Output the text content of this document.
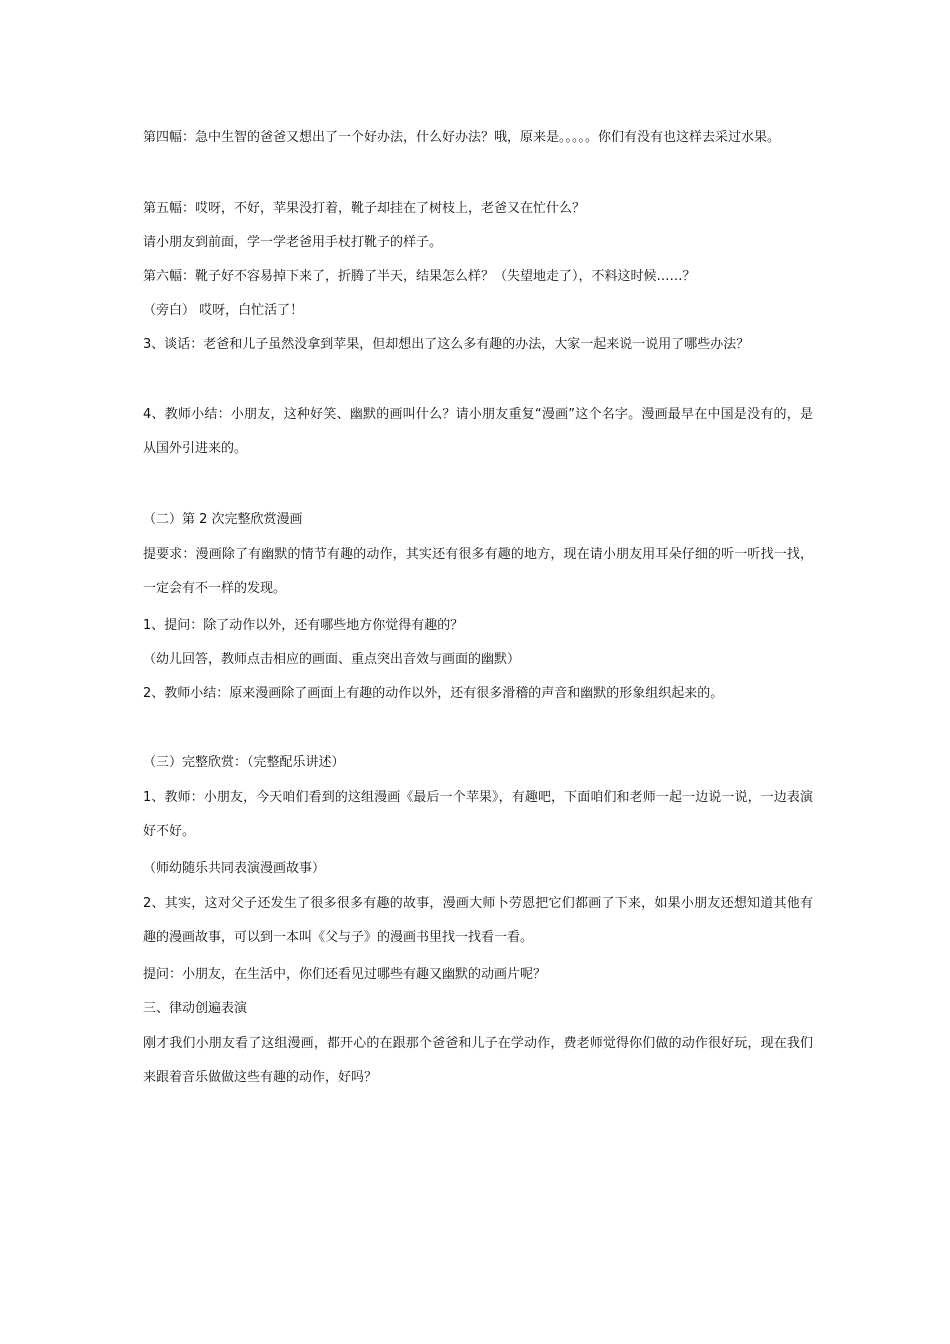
第四幅：急中生智的爸爸又想出了一个好办法，什么好办法？哦，原来是。。。。。你们有没有也这样去采过水果。

第五幅：哎呀，不好，苹果没打着，靴子却挂在了树枝上，老爸又在忙什么？

请小朋友到前面，学一学老爸用手杖打靴子的样子。

第六幅：靴子好不容易掉下来了，折腾了半天，结果怎么样？（失望地走了），不料这时候……？

（旁白） 哎呀，白忙活了！

3、谈话：老爸和儿子虽然没拿到苹果，但却想出了这么多有趣的办法，大家一起来说一说用了哪些办法？

4、教师小结：小朋友，这种好笑、幽默的画叫什么？请小朋友重复“漫画”这个名字。漫画最早在中国是没有的，是从国外引进来的。

（二）第 2 次完整欣赏漫画

提要求：漫画除了有幽默的情节有趣的动作，其实还有很多有趣的地方，现在请小朋友用耳朵仔细的听一听找一找，一定会有不一样的发现。

1、提问：除了动作以外，还有哪些地方你觉得有趣的？

（幼儿回答，教师点击相应的画面、重点突出音效与画面的幽默）

2、教师小结：原来漫画除了画面上有趣的动作以外，还有很多滑稽的声音和幽默的形象组织起来的。

（三）完整欣赏：（完整配乐讲述）

1、教师：小朋友，今天咱们看到的这组漫画《最后一个苹果》，有趣吧，下面咱们和老师一起一边说一说，一边表演好不好。

（师幼随乐共同表演漫画故事）

2、其实，这对父子还发生了很多很多有趣的故事，漫画大师卜劳恩把它们都画了下来，如果小朋友还想知道其他有趣的漫画故事，可以到一本叫《父与子》的漫画书里找一找看一看。

提问：小朋友，在生活中，你们还看见过哪些有趣又幽默的动画片呢？

三、律动创遍表演

刚才我们小朋友看了这组漫画，都开心的在跟那个爸爸和儿子在学动作，费老师觉得你们做的动作很好玩，现在我们来跟着音乐做做这些有趣的动作，好吗？
